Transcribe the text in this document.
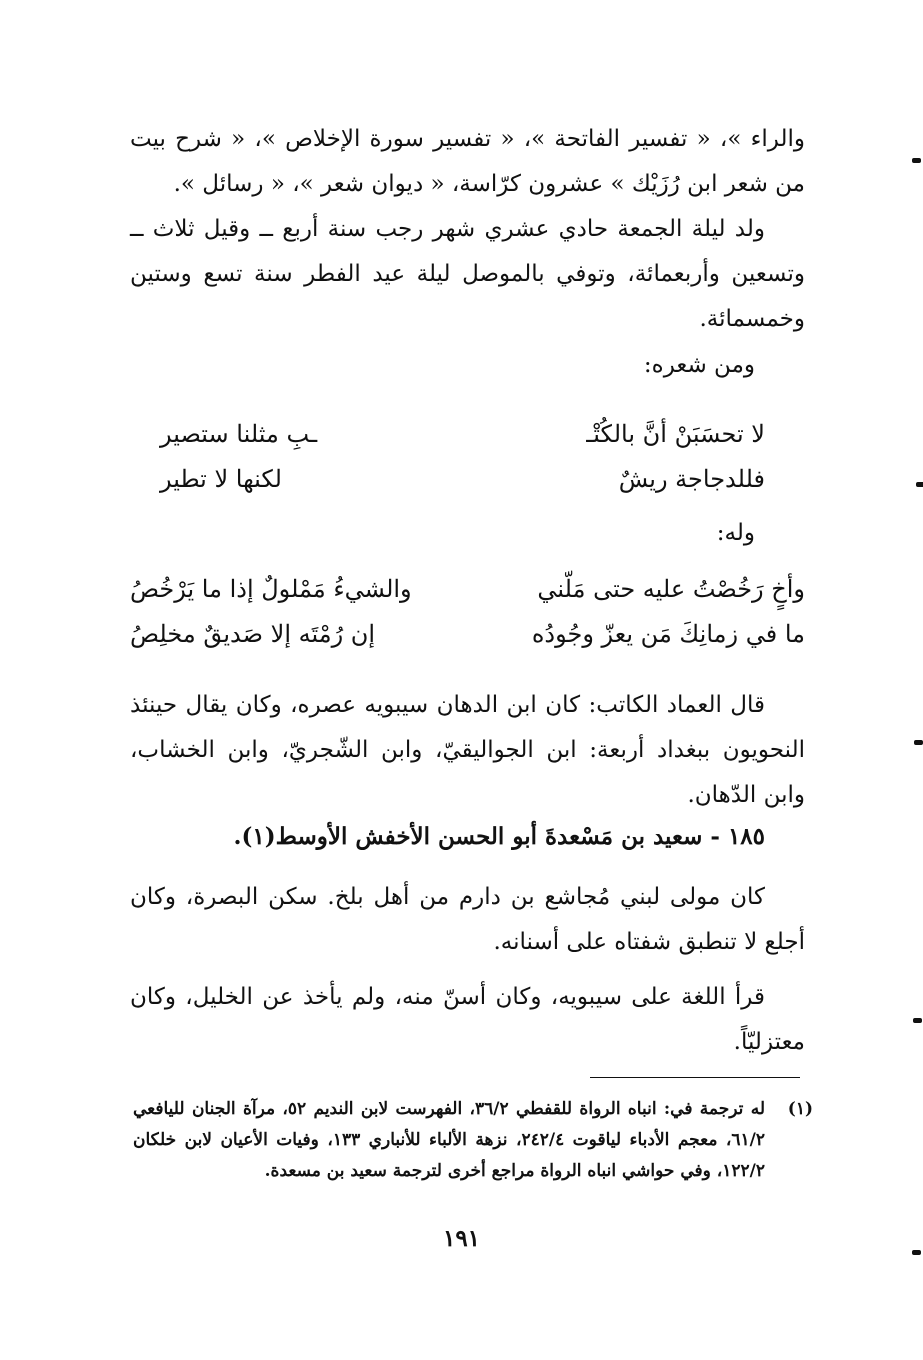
والراء »، « تفسير الفاتحة »، « تفسير سورة الإخلاص »، « شرح بيت من شعر ابن رُزَيْك » عشرون كرّاسة، « ديوان شعر »، « رسائل ».
ولد ليلة الجمعة حادي عشري شهر رجب سنة أربع ــ وقيل ثلاث ــ وتسعين وأربعمائة، وتوفي بالموصل ليلة عيد الفطر سنة تسع وستين وخمسمائة.
ومن شعره:
لا تحسَبَنْ أنَّ بالكُتْـ
ـبِ مثلنا ستصير
فللدجاجة ريشٌ
لكنها لا تطير
وله:
وأخٍ رَخُصْتُ عليه حتى مَلّني
والشيءُ مَمْلولٌ إذا ما يَرْخُصُ
ما في زمانِكَ مَن يعزّ وجُودُه
إن رُمْتَه إلا صَديقٌ مخلِصُ
قال العماد الكاتب: كان ابن الدهان سيبويه عصره، وكان يقال حينئذ النحويون ببغداد أربعة: ابن الجواليقيّ، وابن الشّجريّ، وابن الخشاب، وابن الدّهان.
١٨٥ - سعيد بن مَسْعدةَ أبو الحسن الأخفش الأوسط(١).
كان مولى لبني مُجاشع بن دارم من أهل بلخ. سكن البصرة، وكان أجلع لا تنطبق شفتاه على أسنانه.
قرأ اللغة على سيبويه، وكان أسنّ منه، ولم يأخذ عن الخليل، وكان معتزليّاً.
(١)
له ترجمة في: انباه الرواة للقفطي ٣٦/٢، الفهرست لابن النديم ٥٢، مرآة الجنان لليافعي ٦١/٢، معجم الأدباء لياقوت ٢٤٢/٤، نزهة الألباء للأنباري ١٣٣، وفيات الأعيان لابن خلكان ١٢٢/٢، وفي حواشي انباه الرواة مراجع أخرى لترجمة سعيد بن مسعدة.
١٩١
